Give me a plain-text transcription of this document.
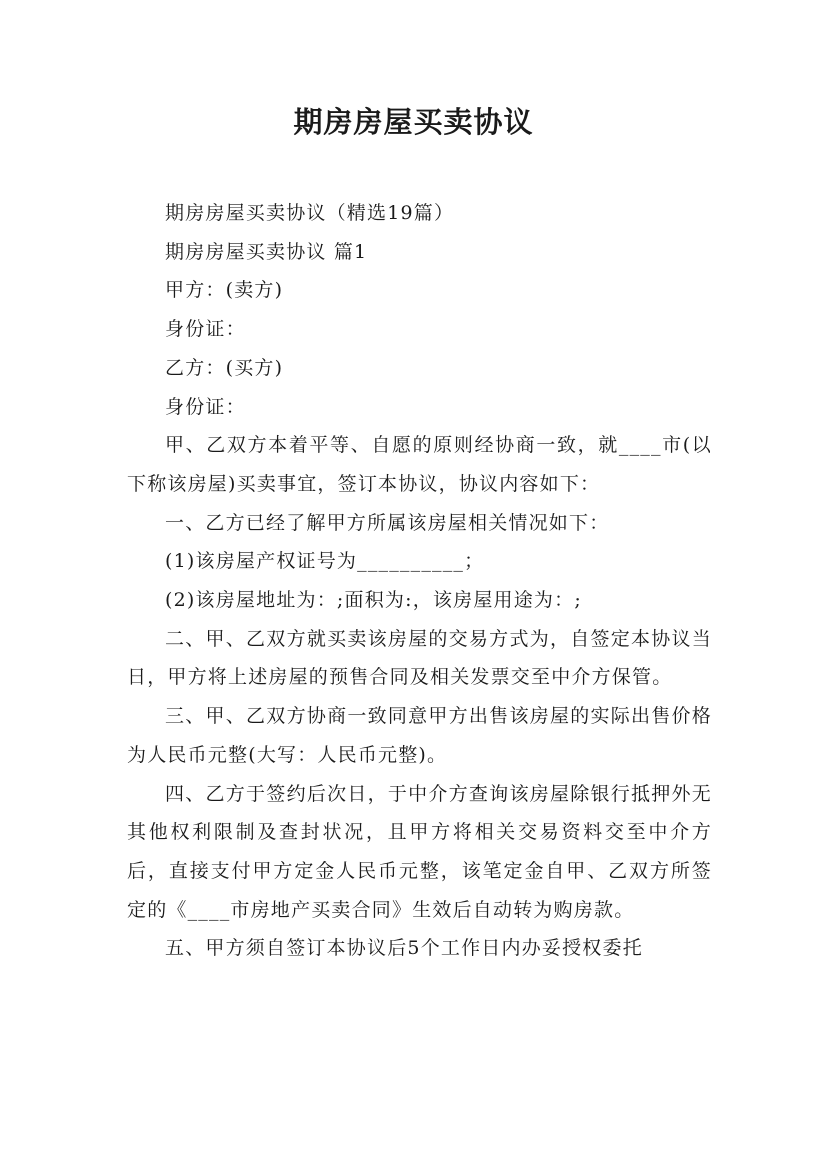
期房房屋买卖协议

期房房屋买卖协议（精选19篇）

期房房屋买卖协议 篇1

甲方：(卖方)

身份证：

乙方：(买方)

身份证：

甲、乙双方本着平等、自愿的原则经协商一致，就____市(以下称该房屋)买卖事宜，签订本协议，协议内容如下：

一、乙方已经了解甲方所属该房屋相关情况如下：

(1)该房屋产权证号为__________；

(2)该房屋地址为：;面积为:，该房屋用途为：;

二、甲、乙双方就买卖该房屋的交易方式为，自签定本协议当日，甲方将上述房屋的预售合同及相关发票交至中介方保管。

三、甲、乙双方协商一致同意甲方出售该房屋的实际出售价格为人民币元整(大写：人民币元整)。

四、乙方于签约后次日，于中介方查询该房屋除银行抵押外无其他权利限制及查封状况，且甲方将相关交易资料交至中介方后，直接支付甲方定金人民币元整，该笔定金自甲、乙双方所签定的《____市房地产买卖合同》生效后自动转为购房款。

五、甲方须自签订本协议后5个工作日内办妥授权委托
